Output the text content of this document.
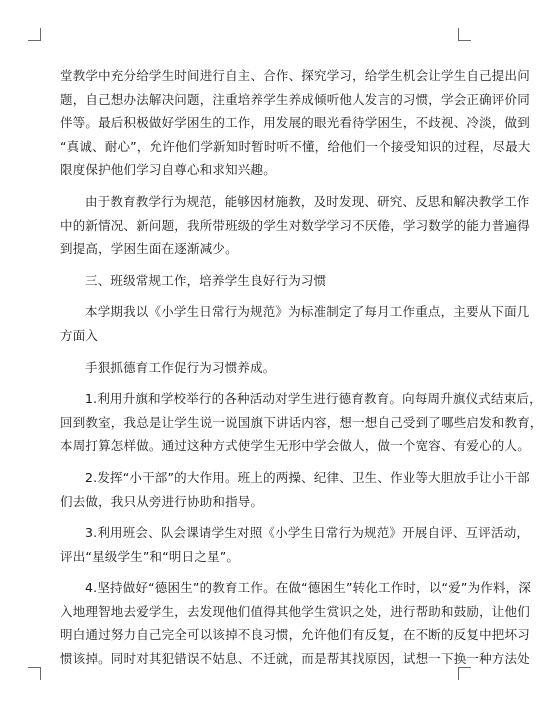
堂教学中充分给学生时间进行自主、合作、探究学习，给学生机会让学生自己提出问
题，自己想办法解决问题，注重培养学生养成倾听他人发言的习惯，学会正确评价同
伴等。最后积极做好学困生的工作，用发展的眼光看待学困生，不歧视、冷淡，做到
“真诚、耐心”，允许他们学新知时暂时听不懂，给他们一个接受知识的过程，尽最大
限度保护他们学习自尊心和求知兴趣。

由于教育教学行为规范，能够因材施教，及时发现、研究、反思和解决教学工作
中的新情况、新问题，我所带班级的学生对数学学习不厌倦，学习数学的能力普遍得
到提高，学困生面在逐渐减少。

三、班级常规工作，培养学生良好行为习惯

本学期我以《小学生日常行为规范》为标准制定了每月工作重点，主要从下面几
方面入

手狠抓德育工作促行为习惯养成。

1.利用升旗和学校举行的各种活动对学生进行德育教育。向每周升旗仪式结束后，
回到教室，我总是让学生说一说国旗下讲话内容，想一想自己受到了哪些启发和教育，
本周打算怎样做。通过这种方式使学生无形中学会做人，做一个宽容、有爱心的人。

2.发挥“小干部”的大作用。班上的两操、纪律、卫生、作业等大胆放手让小干部
们去做，我只从旁进行协助和指导。

3.利用班会、队会课请学生对照《小学生日常行为规范》开展自评、互评活动，
评出“星级学生”和“明日之星”。

4.坚持做好“德困生”的教育工作。在做“德困生”转化工作时，以“爱”为作料，深
入地理智地去爱学生，去发现他们值得其他学生赏识之处，进行帮助和鼓励，让他们
明白通过努力自己完全可以该掉不良习惯，允许他们有反复，在不断的反复中把坏习
惯该掉。同时对其犯错误不姑息、不迁就，而是帮其找原因，试想一下换一种方法处
